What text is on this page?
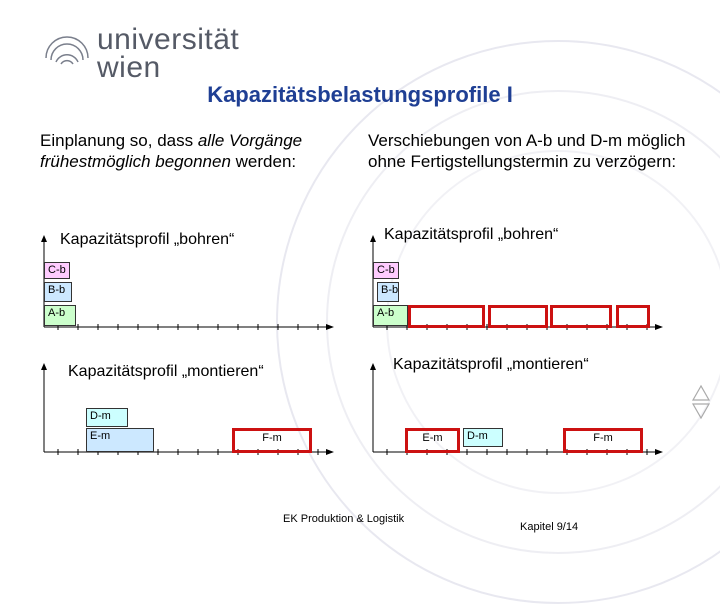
universität
wien
Kapazitätsbelastungsprofile I
Einplanung so, dass alle Vorgänge frühestmöglich begonnen werden:
Verschiebungen von A-b und D-m möglich ohne Fertigstellungstermin zu verzögern:
Kapazitätsprofil „bohren“
C-b
B-b
A-b
Kapazitätsprofil „montieren“
D-m
E-m	F-m
Kapazitätsprofil „bohren“
C-b
B-b
A-b
Kapazitätsprofil „montieren“
E-m	D-m	F-m
EK Produktion & Logistik
Kapitel 9/14
